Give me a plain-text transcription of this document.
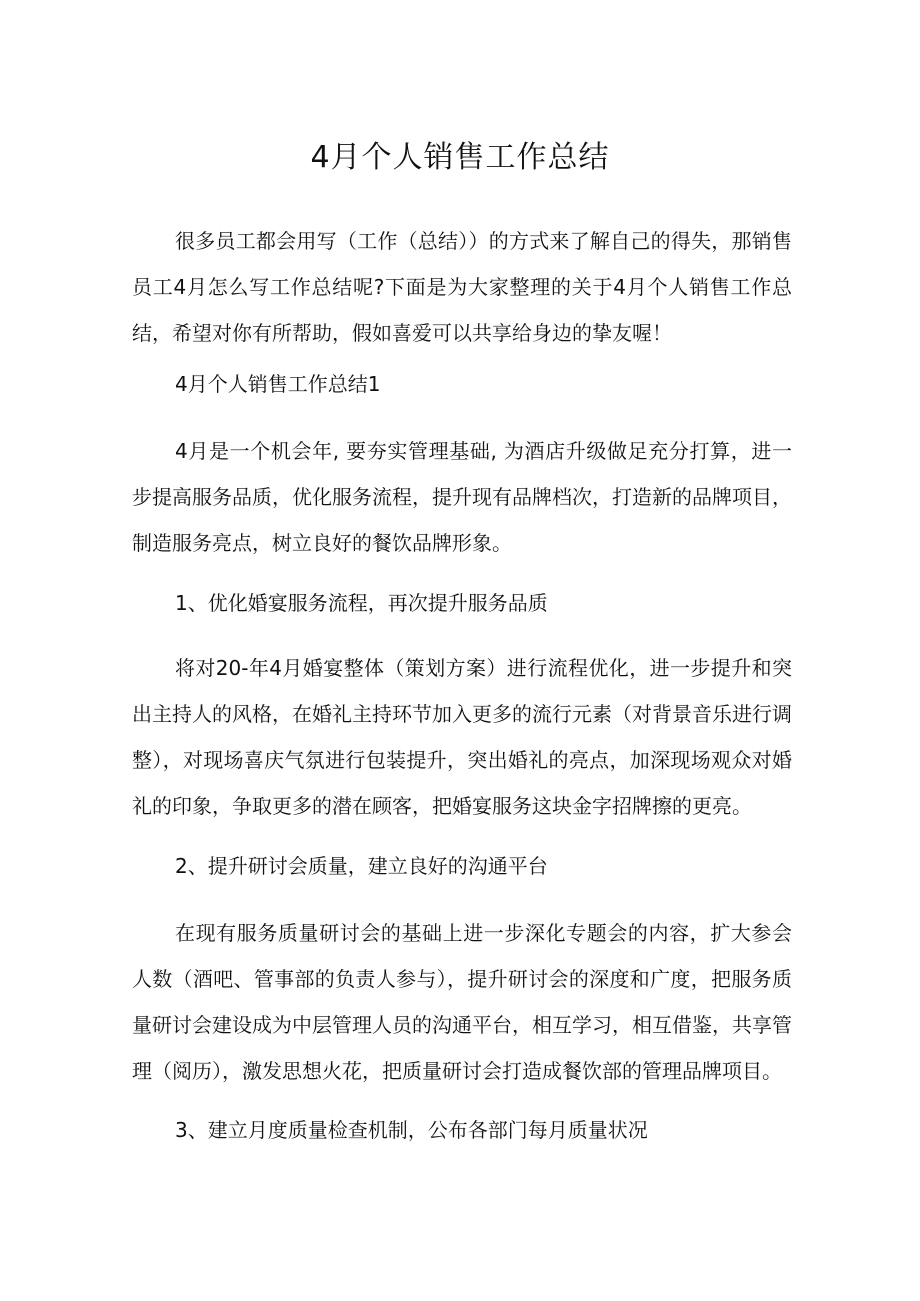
4月个人销售工作总结

很多员工都会用写（工作（总结））的方式来了解自己的得失，那销售员工4月怎么写工作总结呢?下面是为大家整理的关于4月个人销售工作总结，希望对你有所帮助，假如喜爱可以共享给身边的挚友喔！

4月个人销售工作总结1

4月是一个机会年, 要夯实管理基础, 为酒店升级做足充分打算，进一步提高服务品质，优化服务流程，提升现有品牌档次，打造新的品牌项目，制造服务亮点，树立良好的餐饮品牌形象。

1、优化婚宴服务流程，再次提升服务品质

将对20-年4月婚宴整体（策划方案）进行流程优化，进一步提升和突出主持人的风格，在婚礼主持环节加入更多的流行元素（对背景音乐进行调整），对现场喜庆气氛进行包装提升，突出婚礼的亮点，加深现场观众对婚礼的印象，争取更多的潜在顾客，把婚宴服务这块金字招牌擦的更亮。

2、提升研讨会质量，建立良好的沟通平台

在现有服务质量研讨会的基础上进一步深化专题会的内容，扩大参会人数（酒吧、管事部的负责人参与），提升研讨会的深度和广度，把服务质量研讨会建设成为中层管理人员的沟通平台，相互学习，相互借鉴，共享管理（阅历），激发思想火花，把质量研讨会打造成餐饮部的管理品牌项目。

3、建立月度质量检查机制，公布各部门每月质量状况
